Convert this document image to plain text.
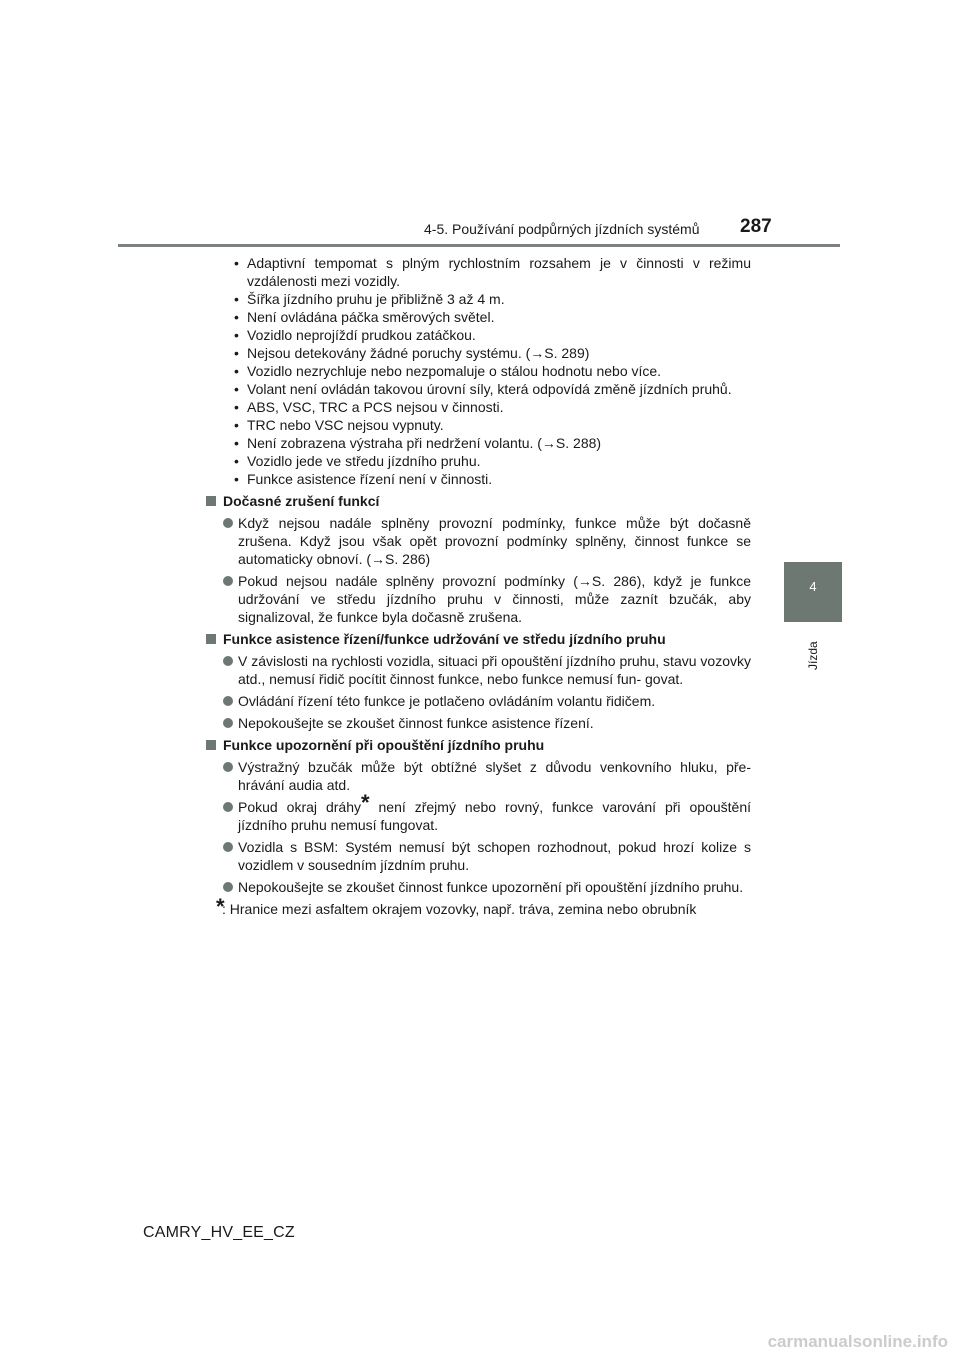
4-5. Používání podpůrných jízdních systémů 287
4
Jízda
• Adaptivní tempomat s plným rychlostním rozsahem je v činnosti v režimu vzdálenosti mezi vozidly.
• Šířka jízdního pruhu je přibližně 3 až 4 m.
• Není ovládána páčka směrových světel.
• Vozidlo neprojíždí prudkou zatáčkou.
• Nejsou detekovány žádné poruchy systému. (→S. 289)
• Vozidlo nezrychluje nebo nezpomaluje o stálou hodnotu nebo více.
• Volant není ovládán takovou úrovní síly, která odpovídá změně jízdních pruhů.
• ABS, VSC, TRC a PCS nejsou v činnosti.
• TRC nebo VSC nejsou vypnuty.
• Není zobrazena výstraha při nedržení volantu. (→S. 288)
• Vozidlo jede ve středu jízdního pruhu.
• Funkce asistence řízení není v činnosti.
Dočasné zrušení funkcí
Když nejsou nadále splněny provozní podmínky, funkce může být dočasně zrušena. Když jsou však opět provozní podmínky splněny, činnost funkce se automaticky obnoví. (→S. 286)
Pokud nejsou nadále splněny provozní podmínky (→S. 286), když je funkce udržování ve středu jízdního pruhu v činnosti, může zaznít bzučák, aby signalizoval, že funkce byla dočasně zrušena.
Funkce asistence řízení/funkce udržování ve středu jízdního pruhu
V závislosti na rychlosti vozidla, situaci při opouštění jízdního pruhu, stavu vozovky atd., nemusí řidič pocítit činnost funkce, nebo funkce nemusí fun- govat.
Ovládání řízení této funkce je potlačeno ovládáním volantu řidičem.
Nepokoušejte se zkoušet činnost funkce asistence řízení.
Funkce upozornění při opouštění jízdního pruhu
Výstražný bzučák může být obtížné slyšet z důvodu venkovního hluku, pře- hrávání audia atd.
Pokud okraj dráhy* není zřejmý nebo rovný, funkce varování při opouštění jízdního pruhu nemusí fungovat.
Vozidla s BSM: Systém nemusí být schopen rozhodnout, pokud hrozí kolize s vozidlem v sousedním jízdním pruhu.
Nepokoušejte se zkoušet činnost funkce upozornění při opouštění jízdního pruhu.
*
: Hranice mezi asfaltem okrajem vozovky, např. tráva, zemina nebo obrubník
CAMRY_HV_EE_CZ
carmanualsonline.info
